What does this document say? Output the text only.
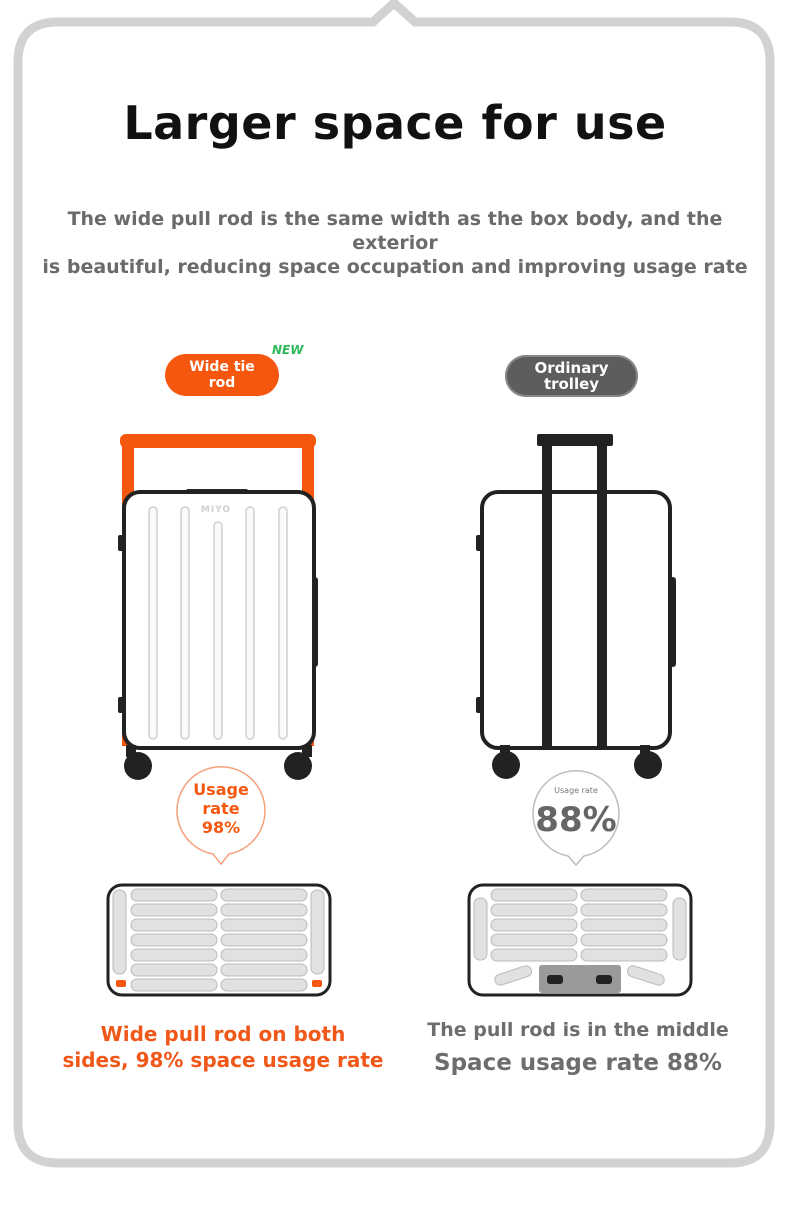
Larger space for use
The wide pull rod is the same width as the box body, and the exterior
is beautiful, reducing space occupation and improving usage rate
Wide tie
rod
NEW
Ordinary
trolley
MIYO
Usage
rate
98%
Usage rate
88%
Wide pull rod on both
sides, 98% space usage rate
The pull rod is in the middle
Space usage rate 88%
